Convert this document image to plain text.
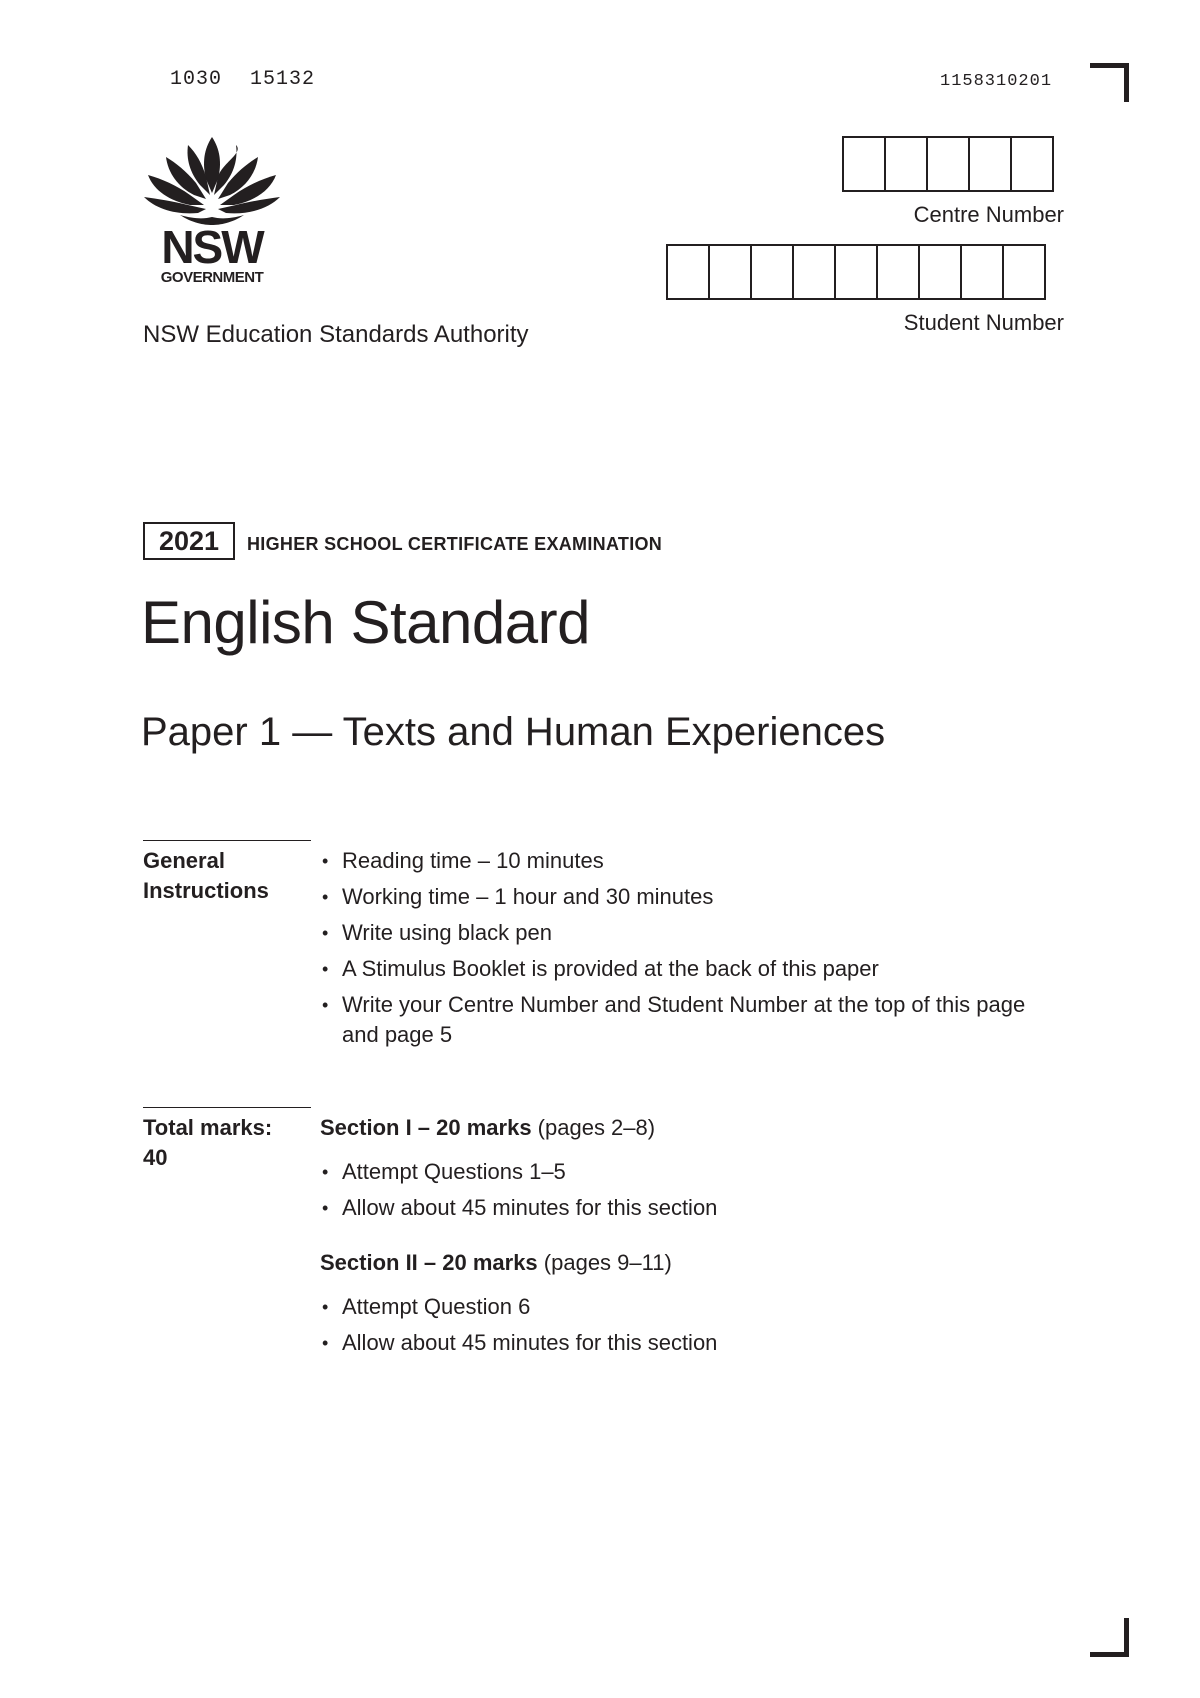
1030 15132	1158310201
NSW
GOVERNMENT
Centre Number
Student Number
NSW Education Standards Authority
2021	HIGHER SCHOOL CERTIFICATE EXAMINATION
English Standard
Paper 1 — Texts and Human Experiences
General
Instructions
• Reading time – 10 minutes
• Working time – 1 hour and 30 minutes
• Write using black pen
• A Stimulus Booklet is provided at the back of this paper
• Write your Centre Number and Student Number at the top of this page and page 5
Total marks:
40
Section I – 20 marks (pages 2–8)
• Attempt Questions 1–5
• Allow about 45 minutes for this section
Section II – 20 marks (pages 9–11)
• Attempt Question 6
• Allow about 45 minutes for this section
